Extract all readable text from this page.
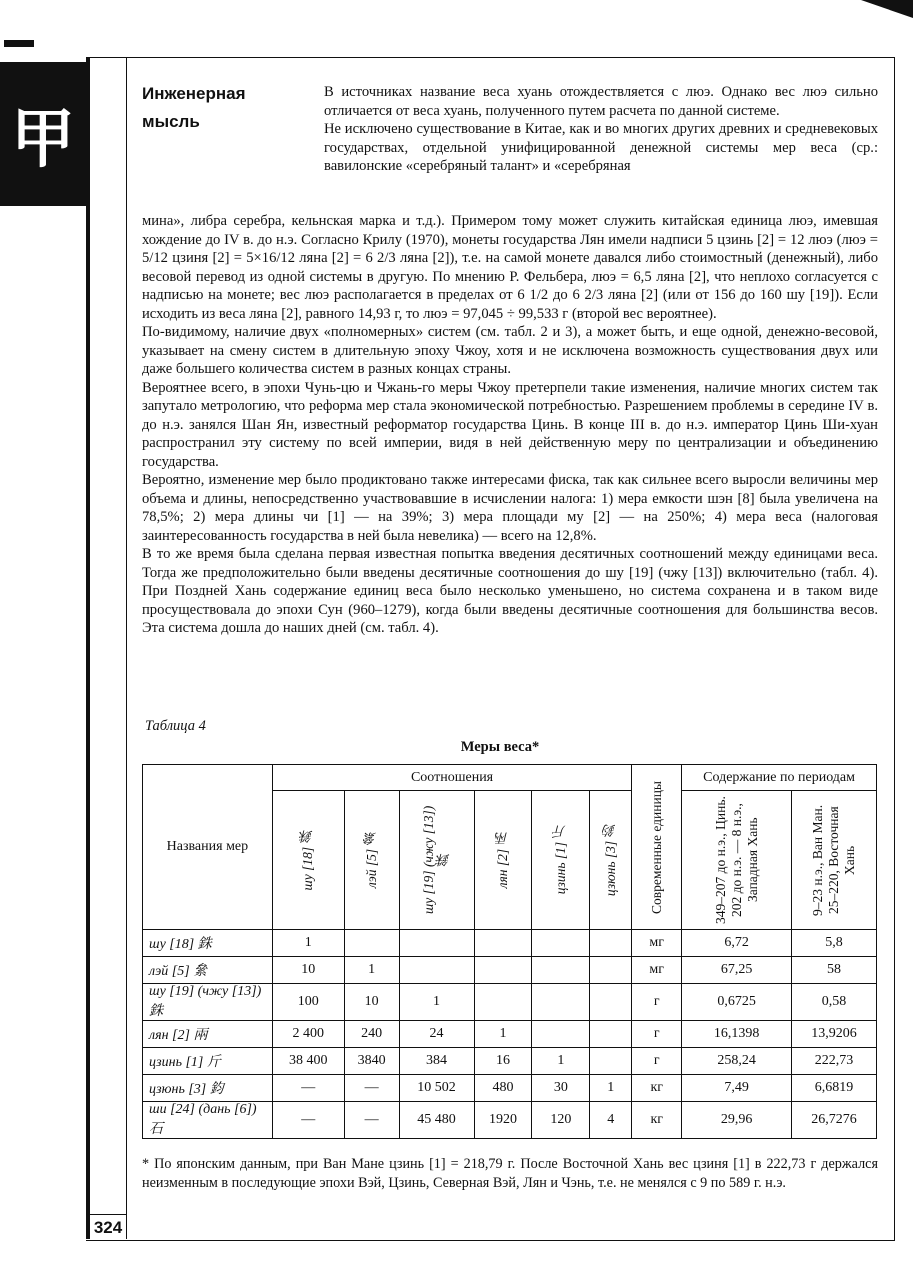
甲
324
Инженерная
мысль

В источниках название веса хуань отождествляется с люэ. Однако вес люэ сильно отличается от веса хуань, полученного путем расчета по данной системе.

Не исключено существование в Китае, как и во многих других древних и средневековых государствах, отдельной унифицированной денежной системы мер веса (ср.: вавилонские «серебряный талант» и «серебряная

мина», либра серебра, кельнская марка и т.д.). Примером тому может служить китайская единица люэ, имевшая хождение до IV в. до н.э. Согласно Крилу (1970), монеты государства Лян имели надписи 5 цзинь [2] = 12 люэ (люэ = 5/12 цзиня [2] = 5×16/12 ляна [2] = 6 2/3 ляна [2]), т.е. на самой монете давался либо стоимостный (денежный), либо весовой перевод из одной системы в другую. По мнению Р. Фельбера, люэ = 6,5 ляна [2], что неплохо согласуется с надписью на монете; вес люэ располагается в пределах от 6 1/2 до 6 2/3 ляна [2] (или от 156 до 160 шу [19]). Если исходить из веса ляна [2], равного 14,93 г, то люэ = 97,045 ÷ 99,533 г (второй вес вероятнее).

По-видимому, наличие двух «полномерных» систем (см. табл. 2 и 3), а может быть, и еще одной, денежно-весовой, указывает на смену систем в длительную эпоху Чжоу, хотя и не исключена возможность существования двух или даже большего количества систем в разных концах страны.

Вероятнее всего, в эпохи Чунь-цю и Чжань-го меры Чжоу претерпели такие изменения, наличие многих систем так запутало метрологию, что реформа мер стала экономической потребностью. Разрешением проблемы в середине IV в. до н.э. занялся Шан Ян, известный реформатор государства Цинь. В конце III в. до н.э. император Цинь Ши-хуан распространил эту систему по всей империи, видя в ней действенную меру по централизации и объединению государства.

Вероятно, изменение мер было продиктовано также интересами фиска, так как сильнее всего выросли величины мер объема и длины, непосредственно участвовавшие в исчислении налога: 1) мера емкости шэн [8] была увеличена на 78,5%; 2) мера длины чи [1] — на 39%; 3) мера площади му [2] — на 250%; 4) мера веса (налоговая заинтересованность государства в ней была невелика) — всего на 12,8%.

В то же время была сделана первая известная попытка введения десятичных соотношений между единицами веса. Тогда же предположительно были введены десятичные соотношения до шу [19] (чжу [13]) включительно (табл. 4). При Поздней Хань содержание единиц веса было несколько уменьшено, но система сохранена и в таком виде просуществовала до эпохи Сун (960–1279), когда были введены десятичные соотношения для большинства весов. Эта система дошла до наших дней (см. табл. 4).

Таблица 4
Меры веса*
Названия мер	Соотношения						Современные единицы	Содержание по периодам	

	шу [18] 銖	лэй [5] 絫	шу [19] (чжу [13]) 銖	лян [2] 兩	цзинь [1] 斤	цзюнь [3] 鈞		349–207 до н.э., Цинь. 202 до н.э. — 8 н.э., Западная Хань	9–23 н.э., Ван Ман. 25–220, Восточная Хань

шу [18] 銖	1						мг	6,72	5,8
лэй [5] 絫	10	1					мг	67,25	58
шу [19] (чжу [13]) 銖	100	10	1				г	0,6725	0,58
лян [2] 兩	2 400	240	24	1			г	16,1398	13,9206
цзинь [1] 斤	38 400	3840	384	16	1		г	258,24	222,73
цзюнь [3] 鈞	—	—	10 502	480	30	1	кг	7,49	6,6819
ши [24] (дань [6]) 石	—	—	45 480	1920	120	4	кг	29,96	26,7276

* По японским данным, при Ван Мане цзинь [1] = 218,79 г. После Восточной Хань вес цзиня [1] в 222,73 г держался неизменным в последующие эпохи Вэй, Цзинь, Северная Вэй, Лян и Чэнь, т.е. не менялся с 9 по 589 г. н.э.
